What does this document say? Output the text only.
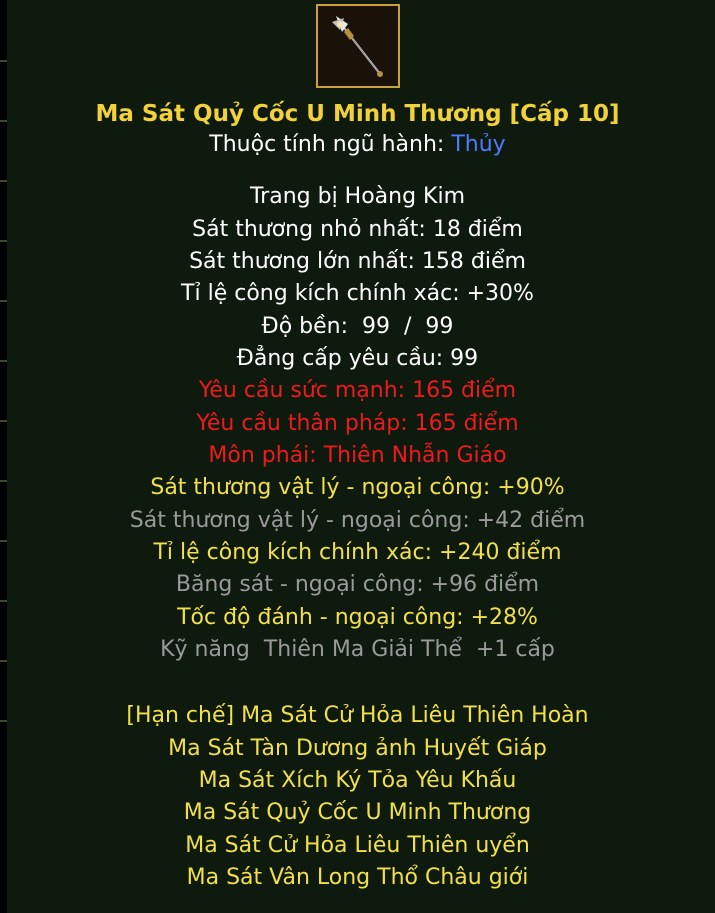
Ma Sát Quỷ Cốc U Minh Thương [Cấp 10]
Thuộc tính ngũ hành: Thủy
Trang bị Hoàng Kim
Sát thương nhỏ nhất: 18 điểm
Sát thương lớn nhất: 158 điểm
Tỉ lệ công kích chính xác: +30%
Độ bền:  99  /  99
Đẳng cấp yêu cầu: 99
Yêu cầu sức mạnh: 165 điểm
Yêu cầu thân pháp: 165 điểm
Môn phái: Thiên Nhẫn Giáo
Sát thương vật lý - ngoại công: +90%
Sát thương vật lý - ngoại công: +42 điểm
Tỉ lệ công kích chính xác: +240 điểm
Băng sát - ngoại công: +96 điểm
Tốc độ đánh - ngoại công: +28%
Kỹ năng  Thiên Ma Giải Thể  +1 cấp
[Hạn chế] Ma Sát Cử Hỏa Liêu Thiên Hoàn
Ma Sát Tàn Dương ảnh Huyết Giáp
Ma Sát Xích Ký Tỏa Yêu Khấu
Ma Sát Quỷ Cốc U Minh Thương
Ma Sát Cử Hỏa Liêu Thiên uyển
Ma Sát Vân Long Thổ Châu giới
